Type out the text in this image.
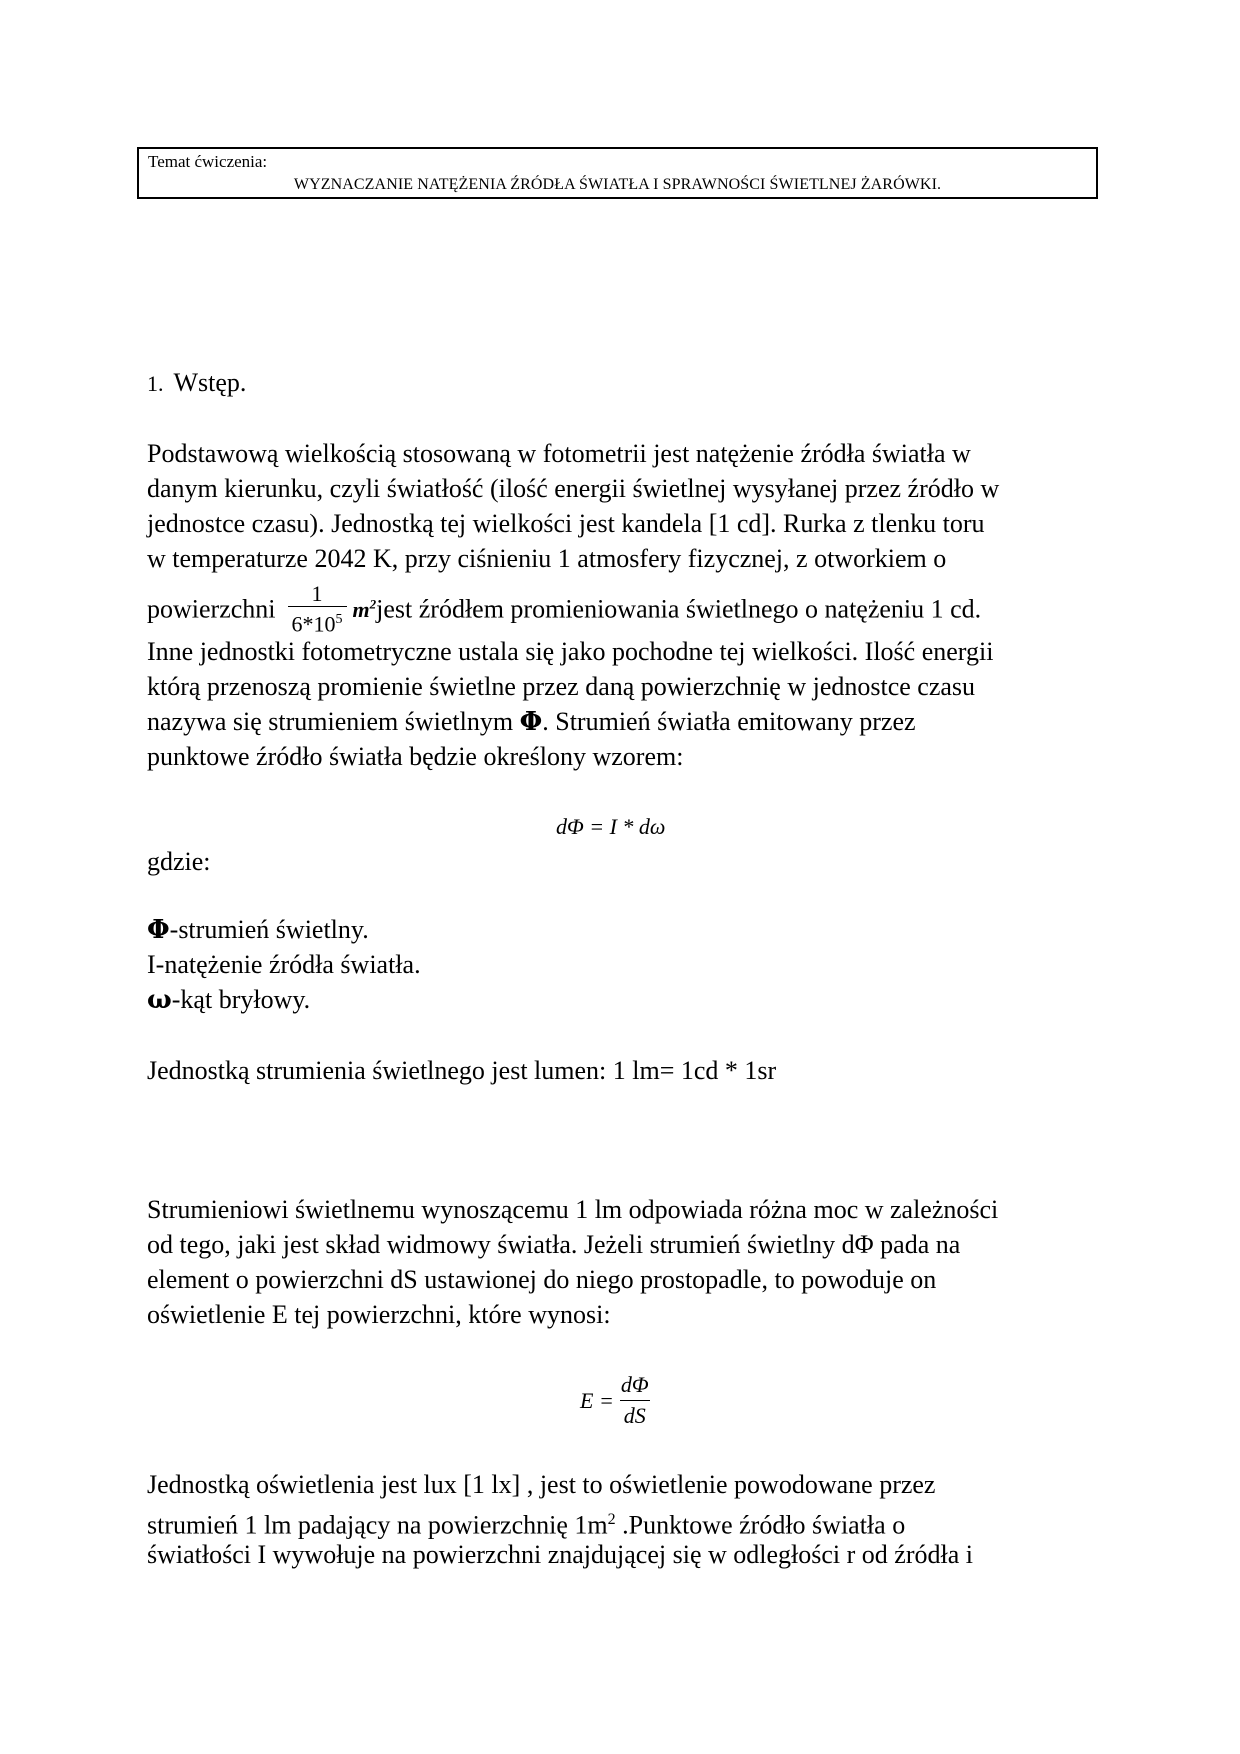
Temat ćwiczenia:
WYZNACZANIE NATĘŻENIA ŹRÓDŁA ŚWIATŁA I SPRAWNOŚCI ŚWIETLNEJ ŻARÓWKI.
1. Wstęp.
Podstawową wielkością stosowaną w fotometrii jest natężenie źródła światła w
danym kierunku, czyli światłość (ilość energii świetlnej wysyłanej przez źródło w
jednostce czasu). Jednostką tej wielkości jest kandela [1 cd]. Rurka z tlenku toru
w temperaturze 2042 K, przy ciśnieniu 1 atmosfery fizycznej, z otworkiem o
powierzchni $\frac{1}{6*10^5}$ $m^2jest$ źródłem promieniowania świetlnego o natężeniu 1 cd.
Inne jednostki fotometryczne ustala się jako pochodne tej wielkości. Ilość energii
którą przenoszą promienie świetlne przez daną powierzchnię w jednostce czasu
nazywa się strumieniem świetlnym Φ. Strumień światła emitowany przez
punktowe źródło światła będzie określony wzorem:
dΦ = I * dω
gdzie:
Φ-strumień świetlny.
I-natężenie źródła światła.
ω-kąt bryłowy.
Jednostką strumienia świetlnego jest lumen: 1 lm= 1cd * 1sr
Strumieniowi świetlnemu wynoszącemu 1 lm odpowiada różna moc w zależności
od tego, jaki jest skład widmowy światła. Jeżeli strumień świetlny dΦ pada na
element o powierzchni dS ustawionej do niego prostopadle, to powoduje on
oświetlenie E tej powierzchni, które wynosi:
$E = \frac{d\Phi}{dS}$
Jednostką oświetlenia jest lux [1 lx] , jest to oświetlenie powodowane przez
strumień 1 lm padający na powierzchnię $1m^2$ .Punktowe źródło światła o
światłości I wywołuje na powierzchni znajdującej się w odległości r od źródła i
